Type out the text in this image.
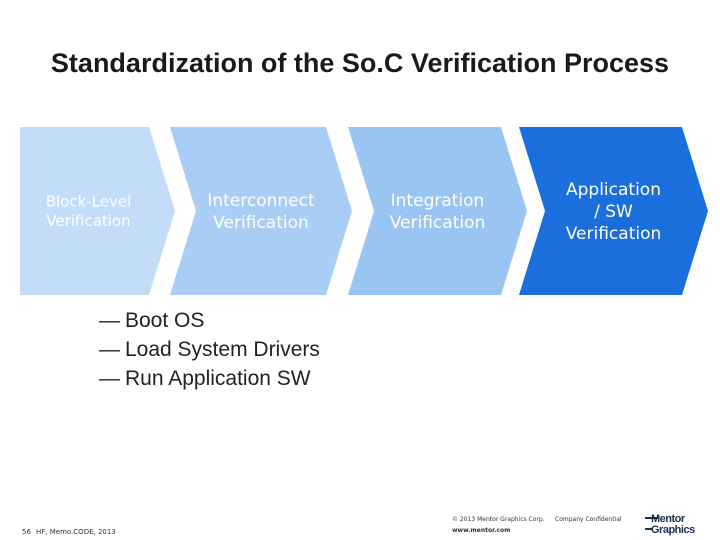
Standardization of the So.C Verification Process
Block-Level Verification
Interconnect Verification
Integration Verification
Application / SW Verification
— Boot OS
— Load System Drivers
— Run Application SW
56 HF, Memo.CODE, 2013
© 2013 Mentor Graphics Corp.
www.mentor.com
Company Confidential	Mentor
Graphics
